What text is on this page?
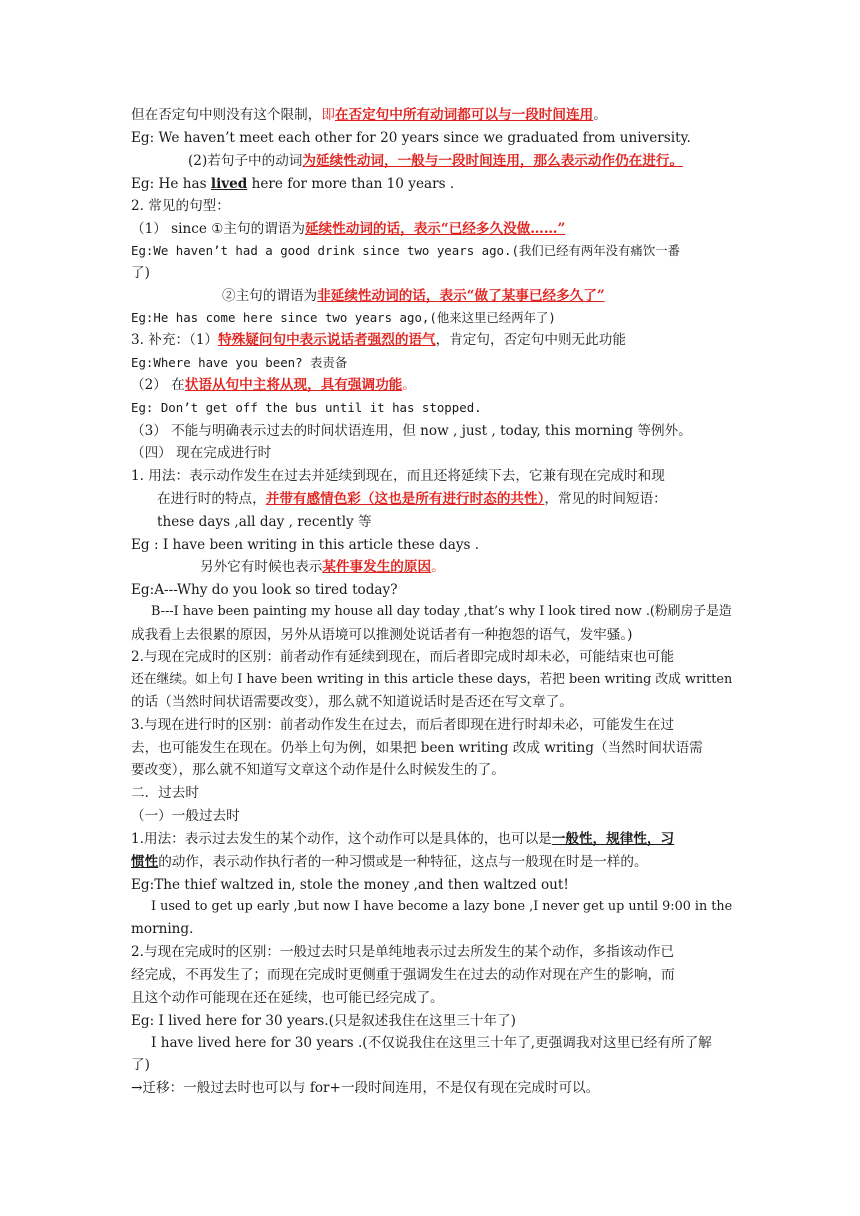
但在否定句中则没有这个限制，即在否定句中所有动词都可以与一段时间连用。
Eg: We haven’t meet each other for 20 years since we graduated from university.
(2)若句子中的动词为延续性动词，一般与一段时间连用，那么表示动作仍在进行。
Eg: He has lived here for more than 10 years .
2. 常见的句型：
（1） since ①主句的谓语为延续性动词的话，表示“已经多久没做……”
Eg:We haven’t had a good drink since two years ago.(我们已经有两年没有痛饮一番
了)
②主句的谓语为非延续性动词的话，表示“做了某事已经多久了”
Eg:He has come here since two years ago,(他来这里已经两年了)
3. 补充：（1）特殊疑问句中表示说话者强烈的语气，肯定句，否定句中则无此功能
Eg:Where have you been? 表责备
（2） 在状语从句中主将从现，具有强调功能。
Eg: Don’t get off the bus until it has stopped.
（3） 不能与明确表示过去的时间状语连用，但 now , just , today, this morning 等例外。
（四） 现在完成进行时
1. 用法：表示动作发生在过去并延续到现在，而且还将延续下去，它兼有现在完成时和现
在进行时的特点，并带有感情色彩（这也是所有进行时态的共性），常见的时间短语：
these days ,all day , recently 等
Eg : I have been writing in this article these days .
另外它有时候也表示某件事发生的原因。
Eg:A---Why do you look so tired today?
B---I have been painting my house all day today ,that’s why I look tired now .(粉刷房子是造
成我看上去很累的原因，另外从语境可以推测处说话者有一种抱怨的语气，发牢骚。)
2.与现在完成时的区别：前者动作有延续到现在，而后者即完成时却未必，可能结束也可能
还在继续。如上句 I have been writing in this article these days，若把 been writing 改成 written
的话（当然时间状语需要改变），那么就不知道说话时是否还在写文章了。
3.与现在进行时的区别：前者动作发生在过去，而后者即现在进行时却未必，可能发生在过
去，也可能发生在现在。仍举上句为例，如果把 been writing 改成 writing（当然时间状语需
要改变），那么就不知道写文章这个动作是什么时候发生的了。
二．过去时
（一）一般过去时
1.用法：表示过去发生的某个动作，这个动作可以是具体的，也可以是一般性，规律性，习
惯性的动作，表示动作执行者的一种习惯或是一种特征，这点与一般现在时是一样的。
Eg:The thief waltzed in, stole the money ,and then waltzed out!
I used to get up early ,but now I have become a lazy bone ,I never get up until 9:00 in the
morning.
2.与现在完成时的区别：一般过去时只是单纯地表示过去所发生的某个动作，多指该动作已
经完成，不再发生了；而现在完成时更侧重于强调发生在过去的动作对现在产生的影响，而
且这个动作可能现在还在延续，也可能已经完成了。
Eg: I lived here for 30 years.(只是叙述我住在这里三十年了)
I have lived here for 30 years .(不仅说我住在这里三十年了,更强调我对这里已经有所了解
了)
→迁移：一般过去时也可以与 for+一段时间连用，不是仅有现在完成时可以。
